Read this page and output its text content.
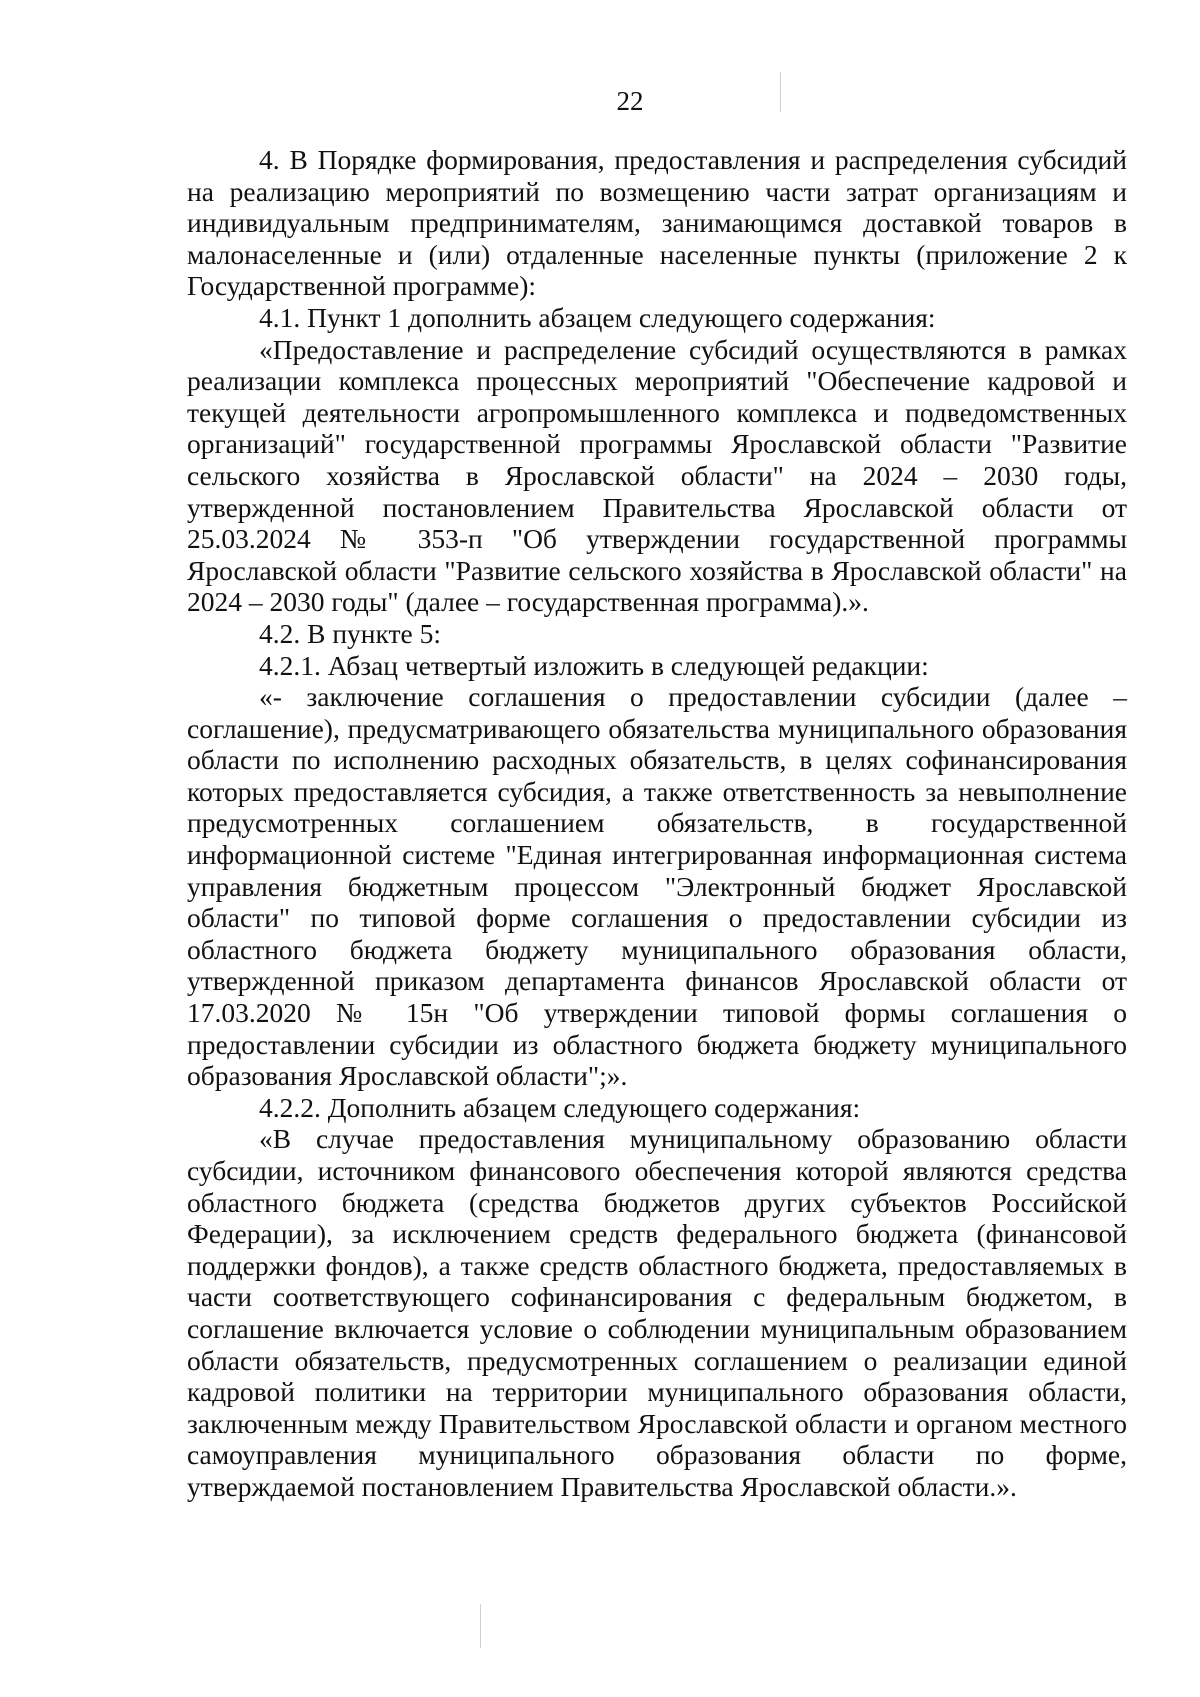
22

4. В Порядке формирования, предоставления и распределения субсидий на реализацию мероприятий по возмещению части затрат организациям и индивидуальным предпринимателям, занимающимся доставкой товаров в малонаселенные и (или) отдаленные населенные пункты (приложение 2 к Государственной программе):

4.1. Пункт 1 дополнить абзацем следующего содержания:

«Предоставление и распределение субсидий осуществляются в рамках реализации комплекса процессных мероприятий "Обеспечение кадровой и текущей деятельности агропромышленного комплекса и подведомственных организаций" государственной программы Ярославской области "Развитие сельского хозяйства в Ярославской области" на 2024 – 2030 годы, утвержденной постановлением Правительства Ярославской области от 25.03.2024 № 353-п "Об утверждении государственной программы Ярославской области "Развитие сельского хозяйства в Ярославской области" на 2024 – 2030 годы" (далее – государственная программа).».

4.2. В пункте 5:

4.2.1. Абзац четвертый изложить в следующей редакции:

«- заключение соглашения о предоставлении субсидии (далее – соглашение), предусматривающего обязательства муниципального образования области по исполнению расходных обязательств, в целях софинансирования которых предоставляется субсидия, а также ответственность за невыполнение предусмотренных соглашением обязательств, в государственной информационной системе "Единая интегрированная информационная система управления бюджетным процессом "Электронный бюджет Ярославской области" по типовой форме соглашения о предоставлении субсидии из областного бюджета бюджету муниципального образования области, утвержденной приказом департамента финансов Ярославской области от 17.03.2020 № 15н "Об утверждении типовой формы соглашения о предоставлении субсидии из областного бюджета бюджету муниципального образования Ярославской области";».

4.2.2. Дополнить абзацем следующего содержания:

«В случае предоставления муниципальному образованию области субсидии, источником финансового обеспечения которой являются средства областного бюджета (средства бюджетов других субъектов Российской Федерации), за исключением средств федерального бюджета (финансовой поддержки фондов), а также средств областного бюджета, предоставляемых в части соответствующего софинансирования с федеральным бюджетом, в соглашение включается условие о соблюдении муниципальным образованием области обязательств, предусмотренных соглашением о реализации единой кадровой политики на территории муниципального образования области, заключенным между Правительством Ярославской области и органом местного самоуправления муниципального образования области по форме, утверждаемой постановлением Правительства Ярославской области.».
